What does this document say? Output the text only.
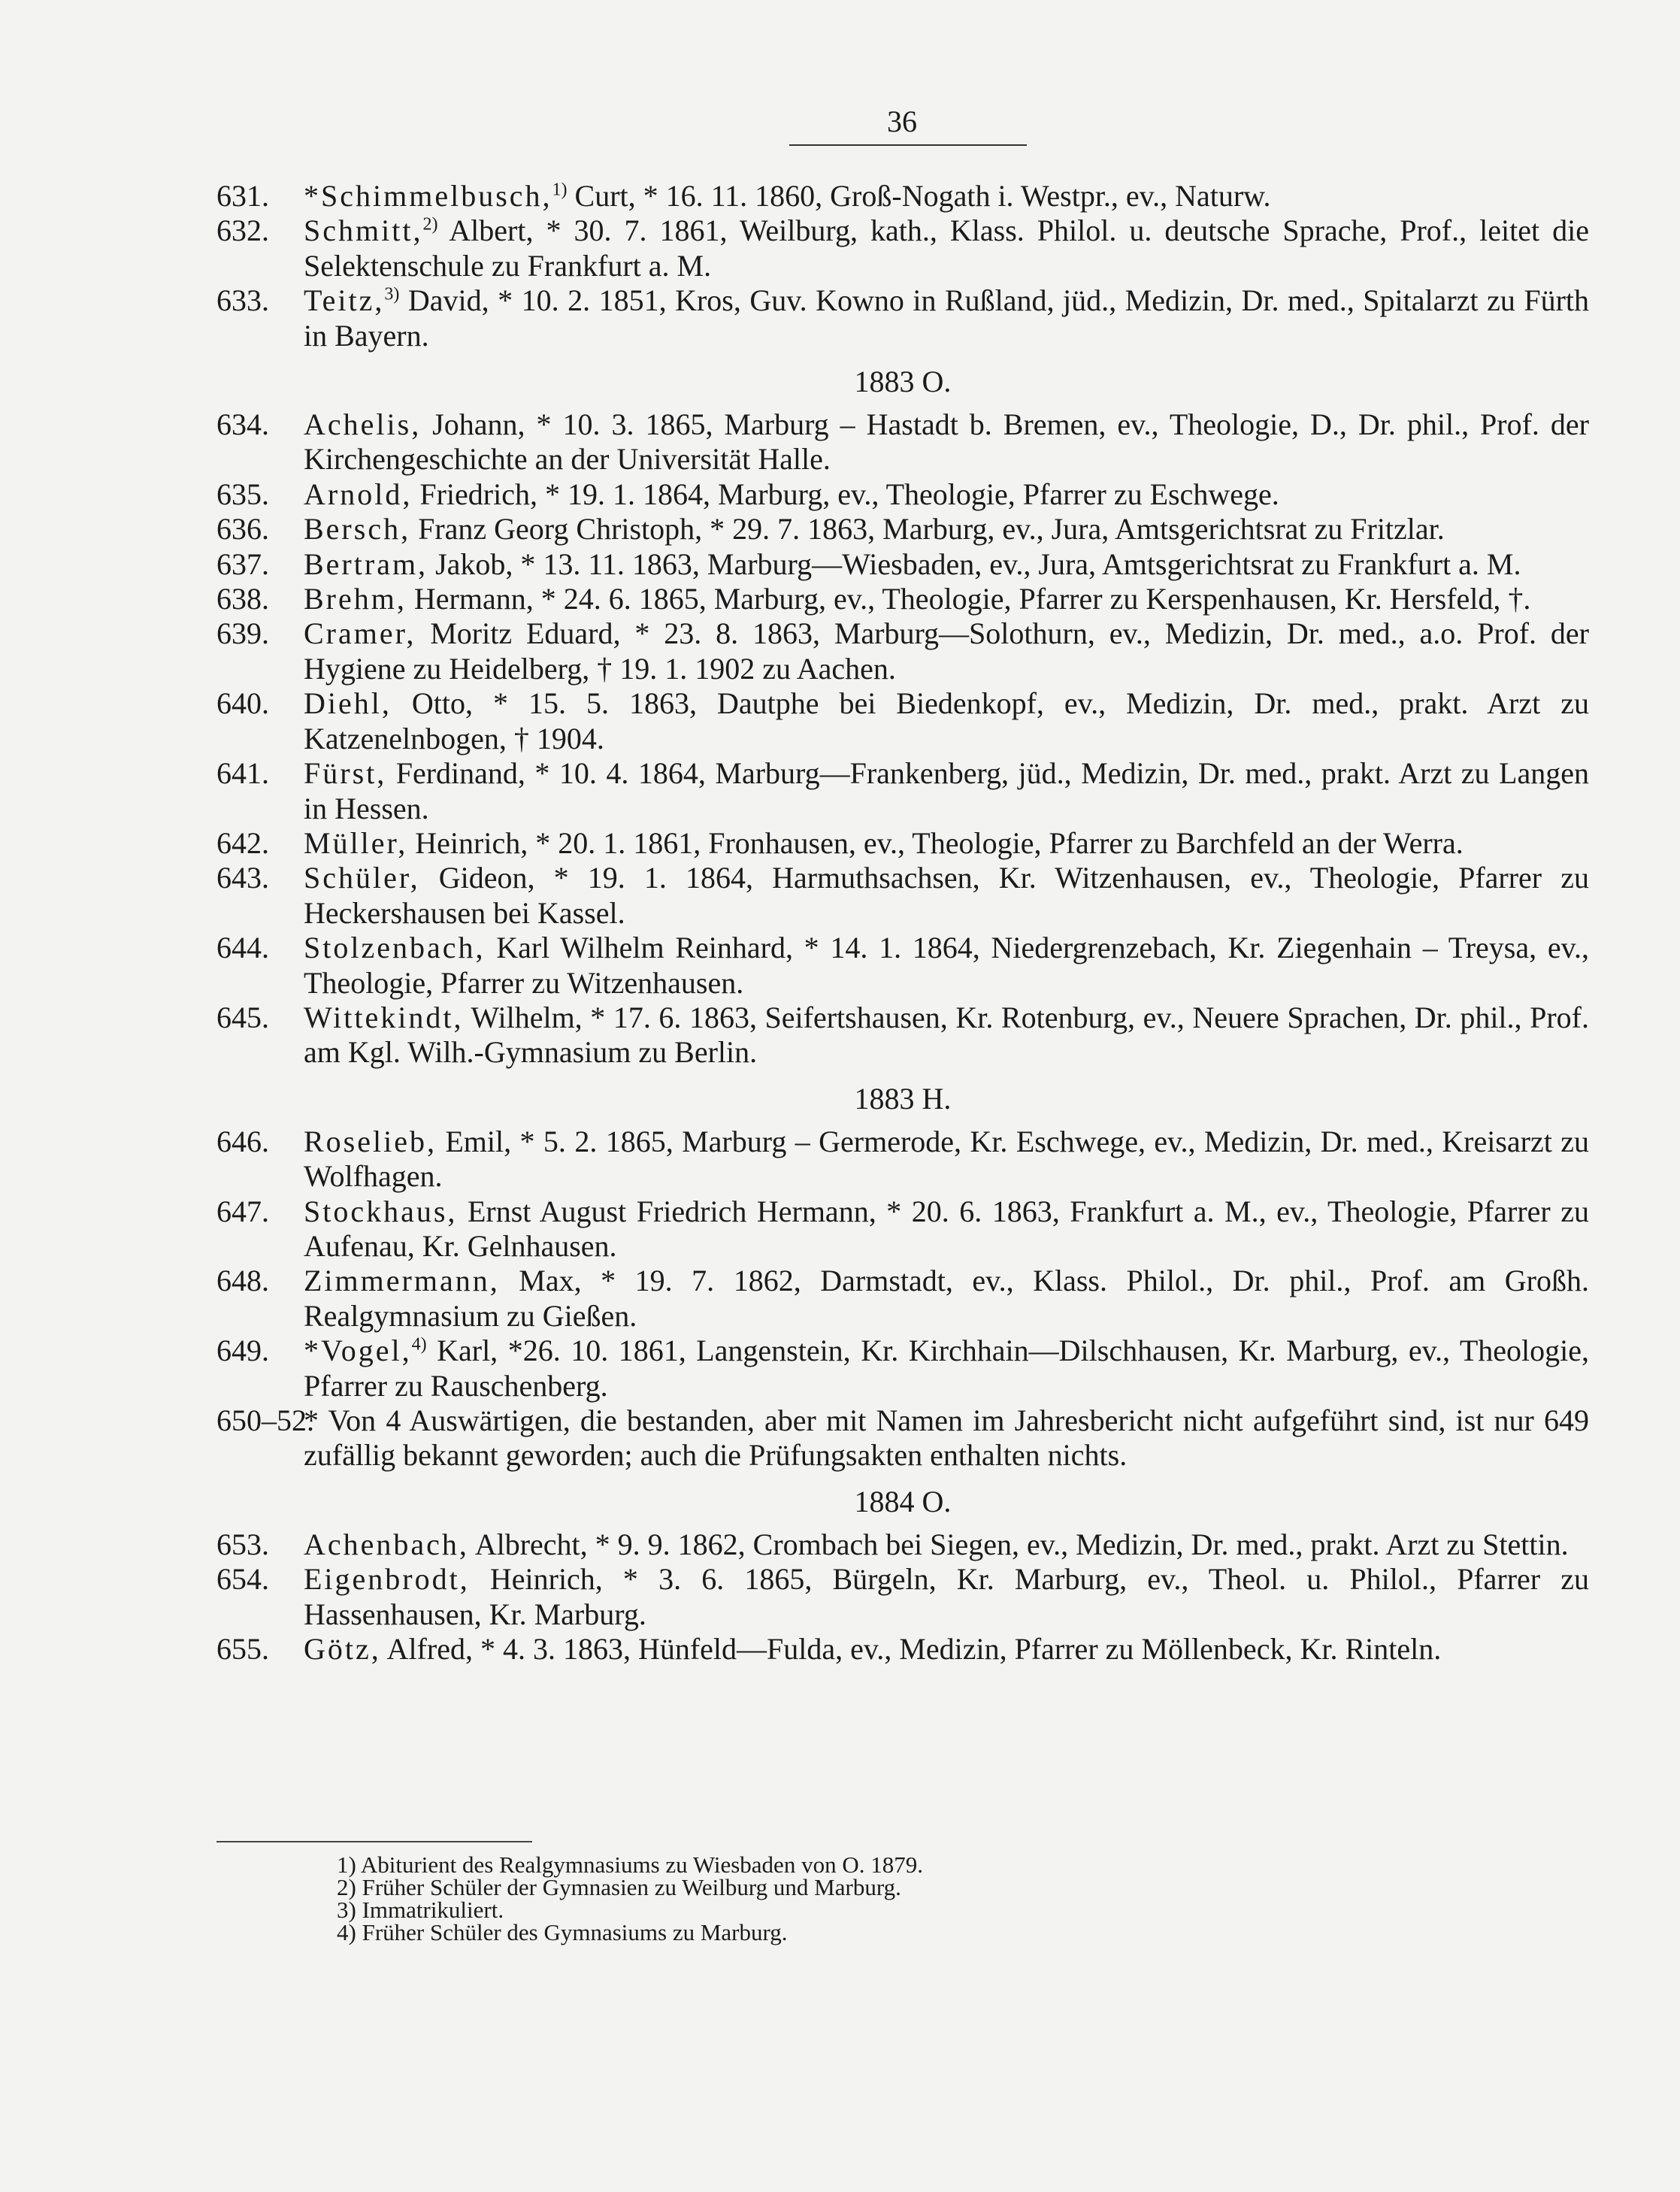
36
631. *Schimmelbusch,$^{1)}$ Curt, * 16. 11. 1860, Groß-Nogath i. Westpr., ev., Naturw.
632. Schmitt,$^{2)}$ Albert, * 30. 7. 1861, Weilburg, kath., Klass. Philol. u. deutsche Sprache, Prof., leitet die Selektenschule zu Frankfurt a. M.
633. Teitz,$^{3)}$ David, * 10. 2. 1851, Kros, Guv. Kowno in Rußland, jüd., Medizin, Dr. med., Spitalarzt zu Fürth in Bayern.
1883 O.
634. Achelis, Johann, * 10. 3. 1865, Marburg – Hastadt b. Bremen, ev., Theologie, D., Dr. phil., Prof. der Kirchengeschichte an der Universität Halle.
635. Arnold, Friedrich, * 19. 1. 1864, Marburg, ev., Theologie, Pfarrer zu Eschwege.
636. Bersch, Franz Georg Christoph, * 29. 7. 1863, Marburg, ev., Jura, Amtsgerichtsrat zu Fritzlar.
637. Bertram, Jakob, * 13. 11. 1863, Marburg—Wiesbaden, ev., Jura, Amtsgerichtsrat zu Frankfurt a. M.
638. Brehm, Hermann, * 24. 6. 1865, Marburg, ev., Theologie, Pfarrer zu Kerspenhausen, Kr. Hersfeld, †.
639. Cramer, Moritz Eduard, * 23. 8. 1863, Marburg—Solothurn, ev., Medizin, Dr. med., a.o. Prof. der Hygiene zu Heidelberg, † 19. 1. 1902 zu Aachen.
640. Diehl, Otto, * 15. 5. 1863, Dautphe bei Biedenkopf, ev., Medizin, Dr. med., prakt. Arzt zu Katzenelnbogen, † 1904.
641. Fürst, Ferdinand, * 10. 4. 1864, Marburg—Frankenberg, jüd., Medizin, Dr. med., prakt. Arzt zu Langen in Hessen.
642. Müller, Heinrich, * 20. 1. 1861, Fronhausen, ev., Theologie, Pfarrer zu Barchfeld an der Werra.
643. Schüler, Gideon, * 19. 1. 1864, Harmuthsachsen, Kr. Witzenhausen, ev., Theologie, Pfarrer zu Heckershausen bei Kassel.
644. Stolzenbach, Karl Wilhelm Reinhard, * 14. 1. 1864, Niedergrenzebach, Kr. Ziegenhain – Treysa, ev., Theologie, Pfarrer zu Witzenhausen.
645. Wittekindt, Wilhelm, * 17. 6. 1863, Seifertshausen, Kr. Rotenburg, ev., Neuere Sprachen, Dr. phil., Prof. am Kgl. Wilh.-Gymnasium zu Berlin.
1883 H.
646. Roselieb, Emil, * 5. 2. 1865, Marburg – Germerode, Kr. Eschwege, ev., Medizin, Dr. med., Kreisarzt zu Wolfhagen.
647. Stockhaus, Ernst August Friedrich Hermann, * 20. 6. 1863, Frankfurt a. M., ev., Theologie, Pfarrer zu Aufenau, Kr. Gelnhausen.
648. Zimmermann, Max, * 19. 7. 1862, Darmstadt, ev., Klass. Philol., Dr. phil., Prof. am Großh. Realgymnasium zu Gießen.
649. *Vogel,$^{4)}$ Karl, *26. 10. 1861, Langenstein, Kr. Kirchhain—Dilschhausen, Kr. Marburg, ev., Theologie, Pfarrer zu Rauschenberg.
650–52.
* Von 4 Auswärtigen, die bestanden, aber mit Namen im Jahresbericht nicht aufgeführt sind, ist nur 649 zufällig bekannt geworden; auch die Prüfungsakten enthalten nichts.
1884 O.
653. Achenbach, Albrecht, * 9. 9. 1862, Crombach bei Siegen, ev., Medizin, Dr. med., prakt. Arzt zu Stettin.
654. Eigenbrodt, Heinrich, * 3. 6. 1865, Bürgeln, Kr. Marburg, ev., Theol. u. Philol., Pfarrer zu Hassenhausen, Kr. Marburg.
655. Götz, Alfred, * 4. 3. 1863, Hünfeld—Fulda, ev., Medizin, Pfarrer zu Möllenbeck, Kr. Rinteln.
1) Abiturient des Realgymnasiums zu Wiesbaden von O. 1879.
2) Früher Schüler der Gymnasien zu Weilburg und Marburg.
3) Immatrikuliert.
4) Früher Schüler des Gymnasiums zu Marburg.
